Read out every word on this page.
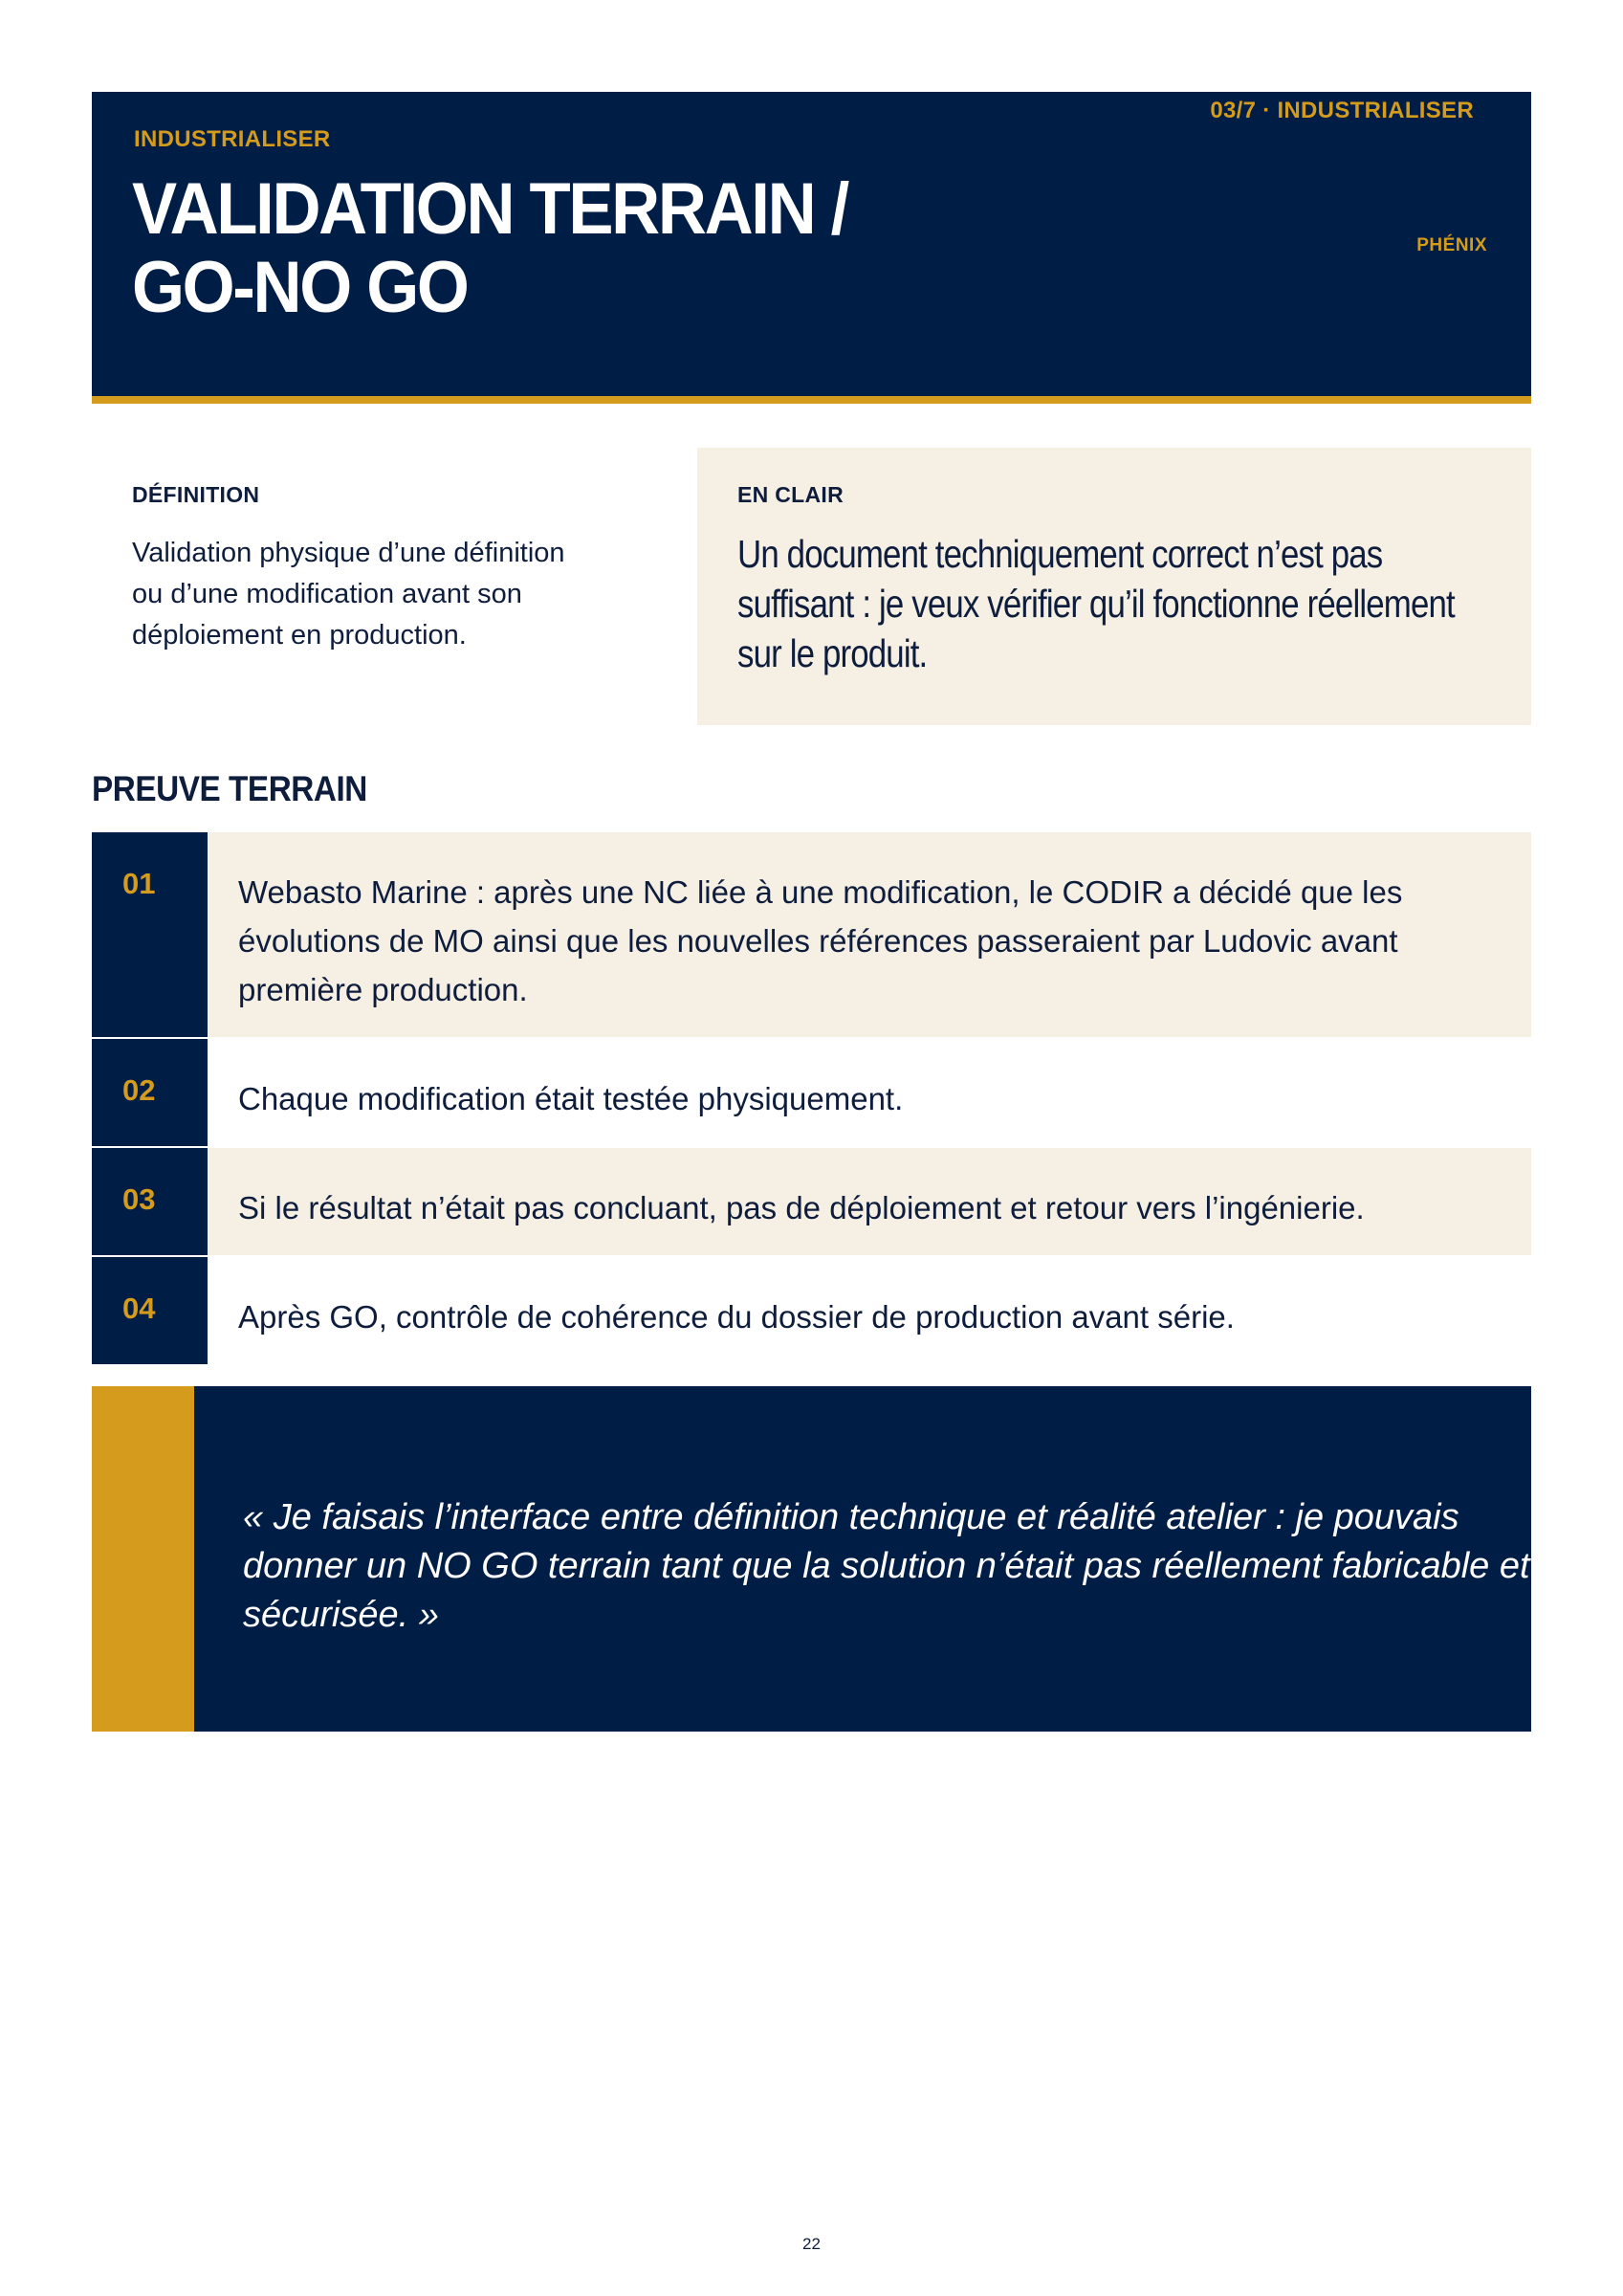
INDUSTRIALISER
VALIDATION TERRAIN / GO-NO GO
03/7 · INDUSTRIALISER
PHÉNIX
DÉFINITION
Validation physique d’une définition ou d’une modification avant son déploiement en production.
EN CLAIR
Un document techniquement correct n’est pas suffisant : je veux vérifier qu’il fonctionne réellement sur le produit.
PREUVE TERRAIN
01	Webasto Marine : après une NC liée à une modification, le CODIR a décidé que les évolutions de MO ainsi que les nouvelles références passeraient par Ludovic avant première production.
02	Chaque modification était testée physiquement.
03	Si le résultat n’était pas concluant, pas de déploiement et retour vers l’ingénierie.
04	Après GO, contrôle de cohérence du dossier de production avant série.
« Je faisais l’interface entre définition technique et réalité atelier : je pouvais donner un NO GO terrain tant que la solution n’était pas réellement fabricable et sécurisée. »
22
